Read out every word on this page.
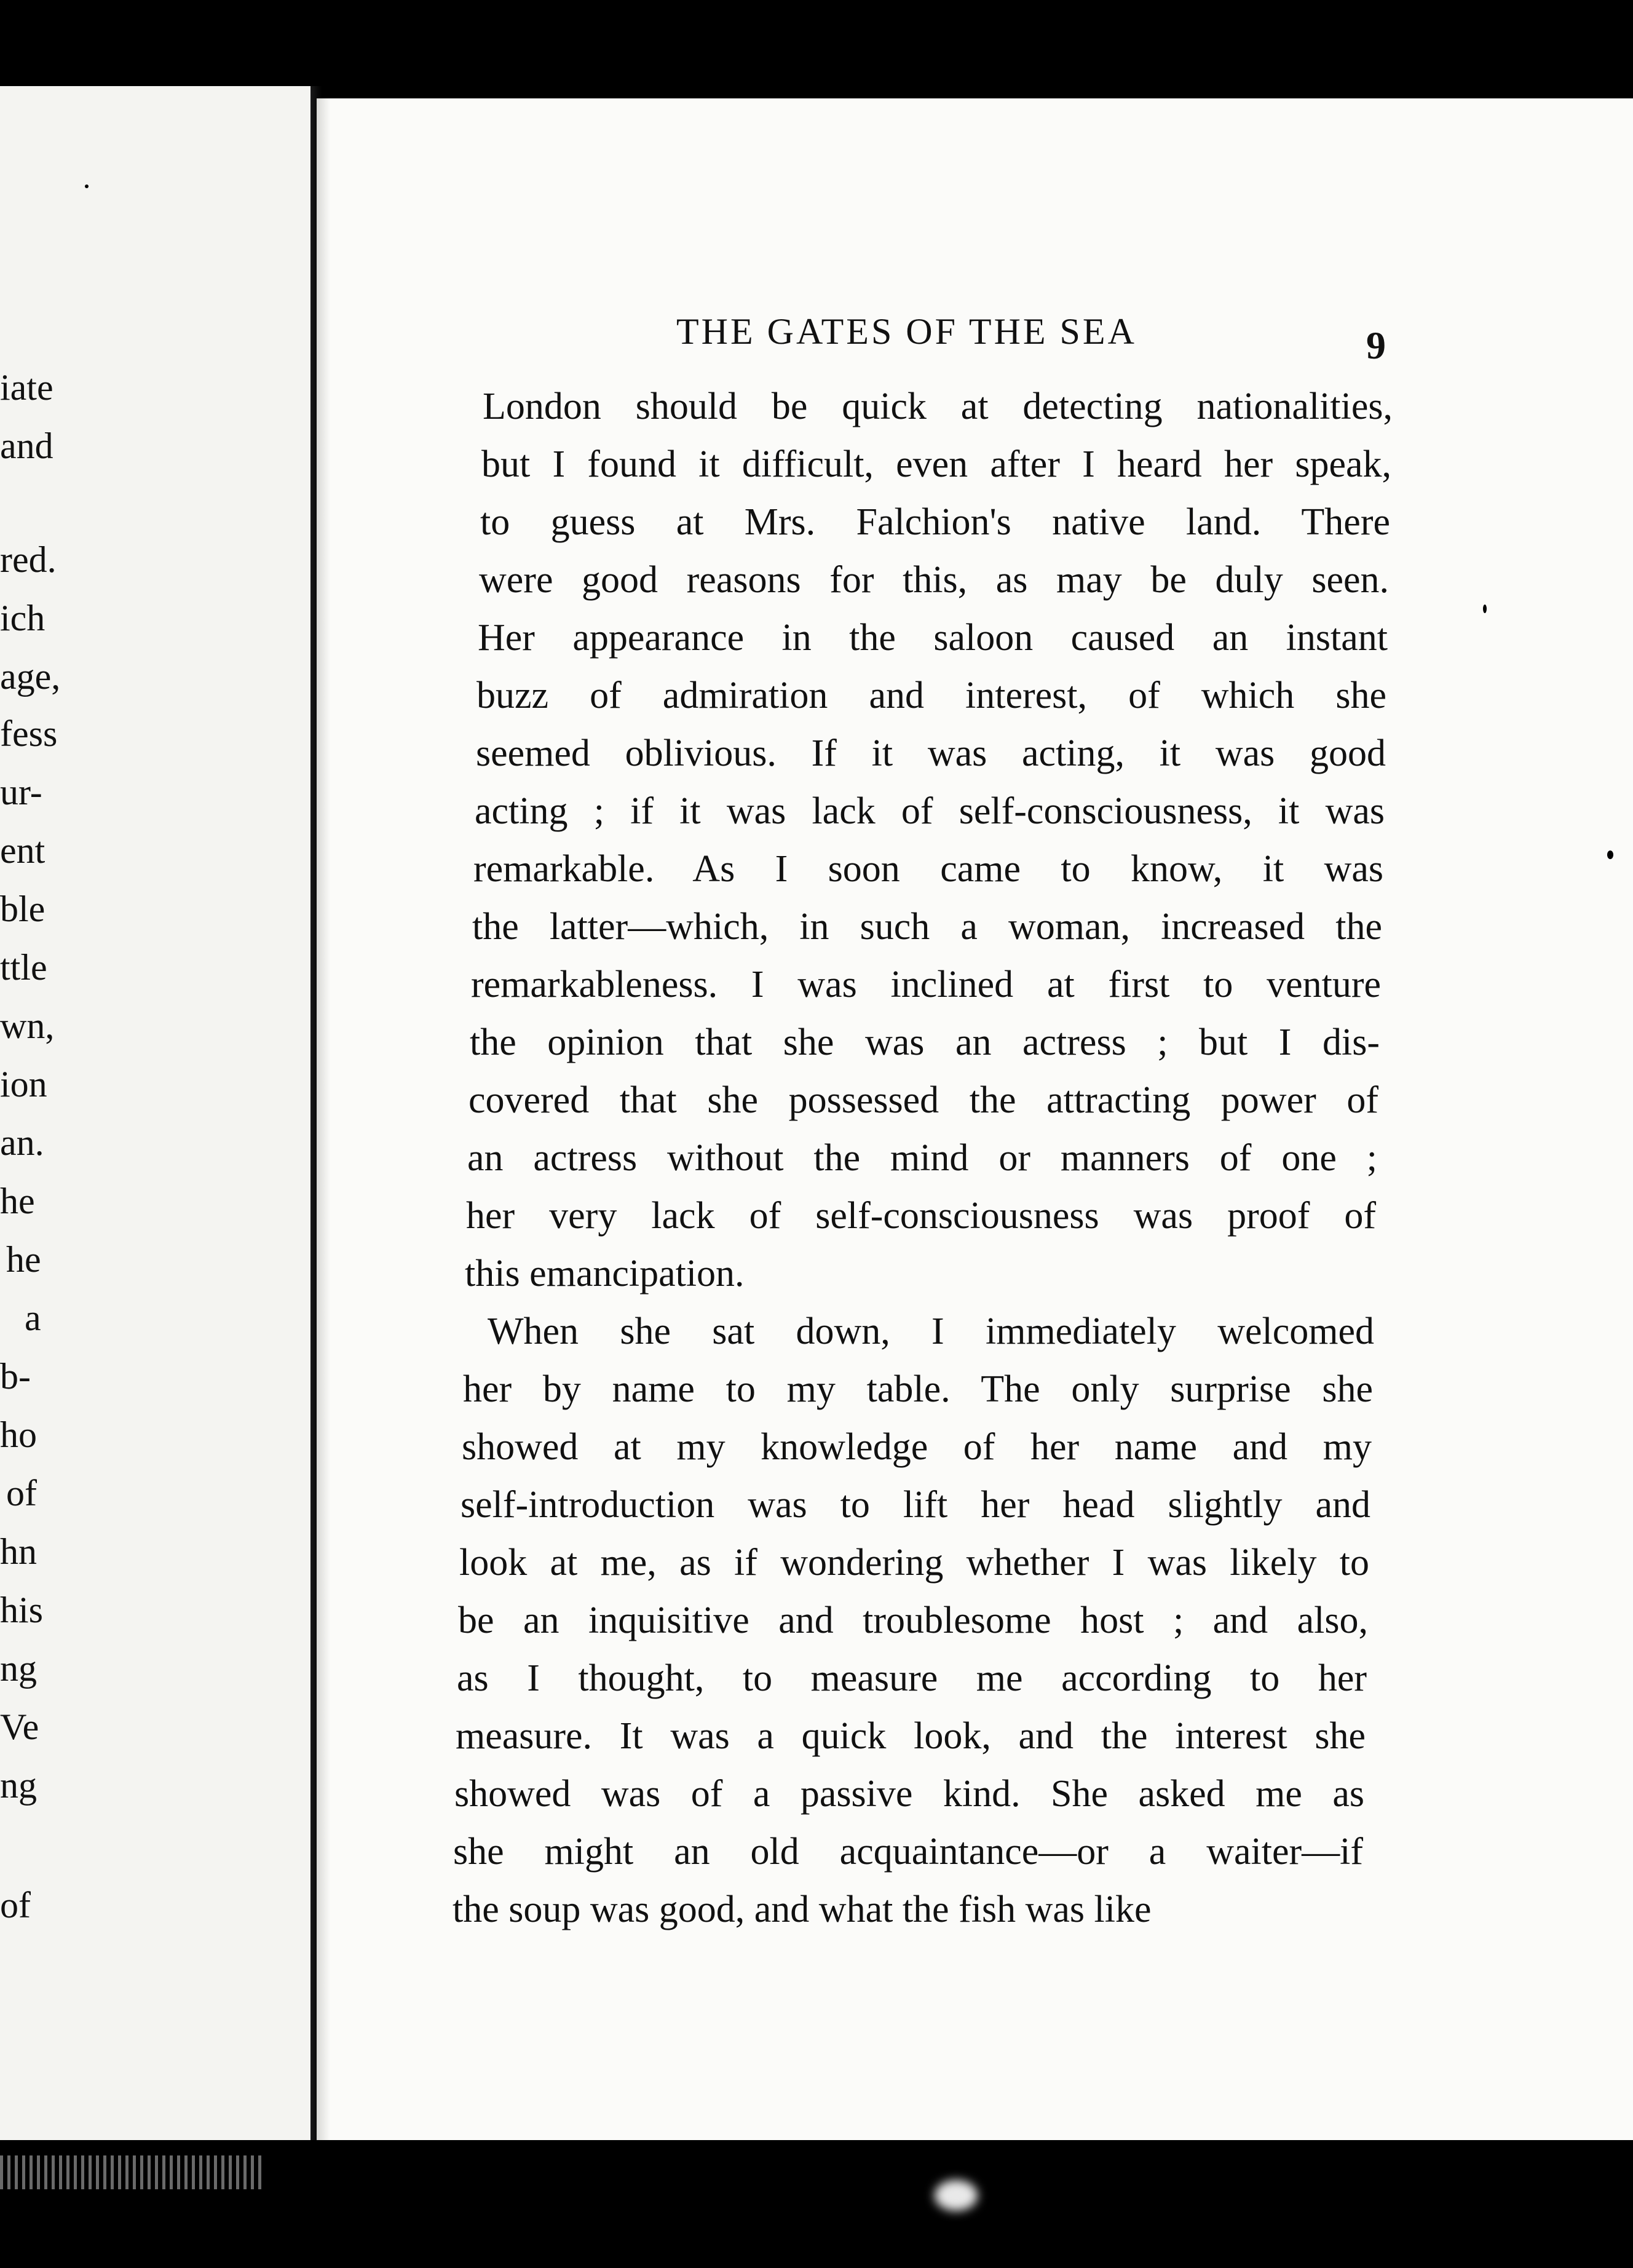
iate
and
red.
ich
age,
fess
ur-
ent
ble
ttle
wn,
ion
an.
he
he
a
b-
ho
of
hn
his
ng
Ve
ng
of
THE GATES OF THE SEA	9
London should be quick at detecting nationalities,
but I found it difficult, even after I heard her speak,
to guess at Mrs. Falchion's native land. There
were good reasons for this, as may be duly seen.
Her appearance in the saloon caused an instant
buzz of admiration and interest, of which she
seemed oblivious. If it was acting, it was good
acting ; if it was lack of self-consciousness, it was
remarkable. As I soon came to know, it was
the latter—which, in such a woman, increased the
remarkableness. I was inclined at first to venture
the opinion that she was an actress ; but I dis-
covered that she possessed the attracting power of
an actress without the mind or manners of one ;
her very lack of self-consciousness was proof of
this emancipation.
When she sat down, I immediately welcomed
her by name to my table. The only surprise she
showed at my knowledge of her name and my
self-introduction was to lift her head slightly and
look at me, as if wondering whether I was likely to
be an inquisitive and troublesome host ; and also,
as I thought, to measure me according to her
measure. It was a quick look, and the interest she
showed was of a passive kind. She asked me as
she might an old acquaintance—or a waiter—if
the soup was good, and what the fish was like
